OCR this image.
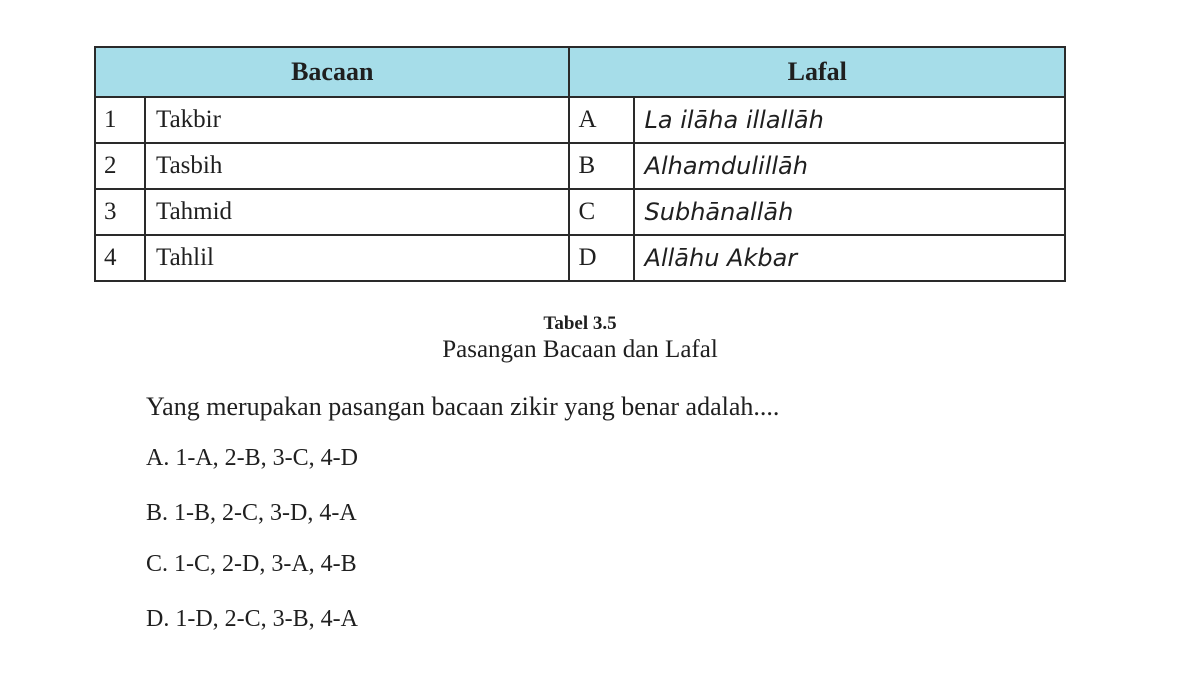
Bacaan		Lafal	
1	Takbir	A	La ilāha illallāh
2	Tasbih	B	Alhamdulillāh
3	Tahmid	C	Subhānallāh
4	Tahlil	D	Allāhu Akbar
Tabel 3.5
Pasangan Bacaan dan Lafal
Yang merupakan pasangan bacaan zikir yang benar adalah....
A. 1-A, 2-B, 3-C, 4-D
B. 1-B, 2-C, 3-D, 4-A
C. 1-C, 2-D, 3-A, 4-B
D. 1-D, 2-C, 3-B, 4-A
